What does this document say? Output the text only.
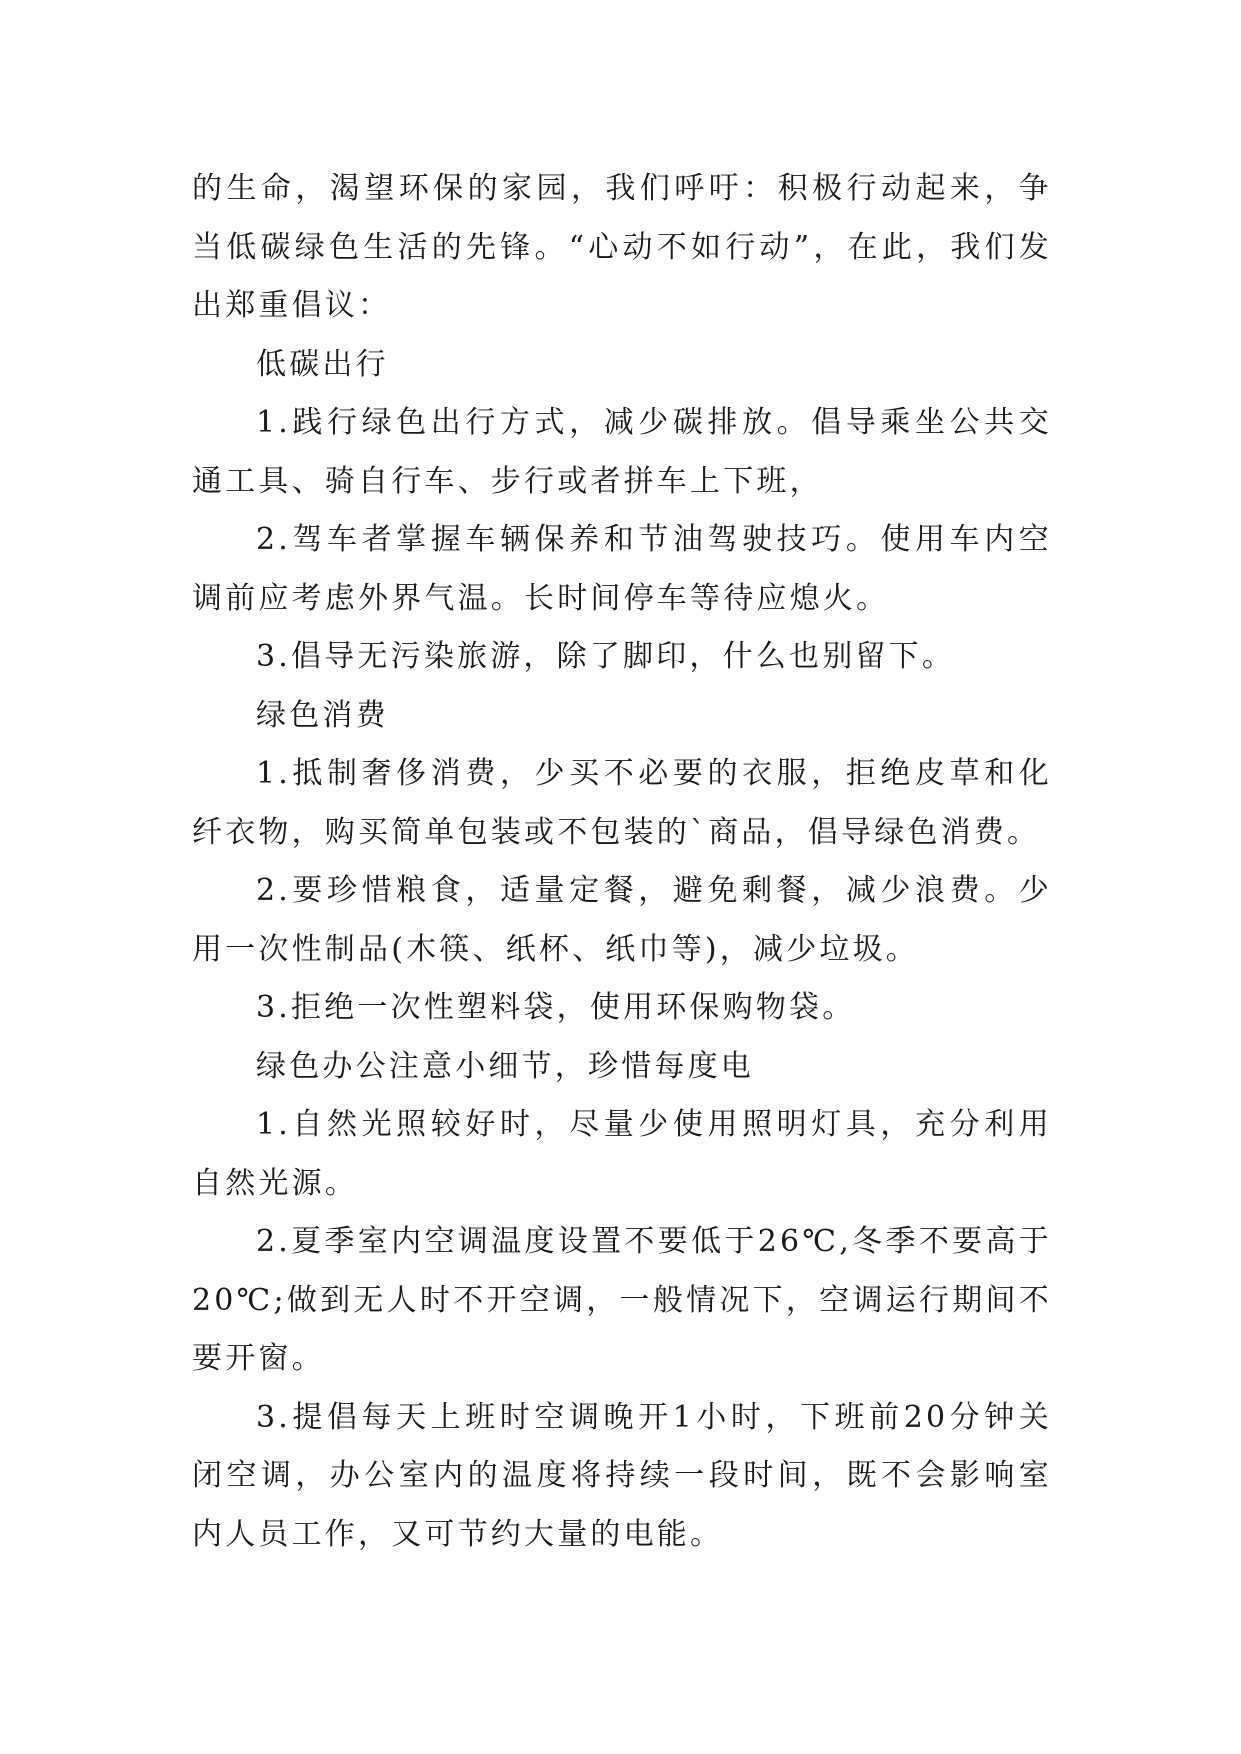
的生命，渴望环保的家园，我们呼吁：积极行动起来，争当低碳绿色生活的先锋。“心动不如行动”，在此，我们发出郑重倡议：

低碳出行

1.践行绿色出行方式，减少碳排放。倡导乘坐公共交通工具、骑自行车、步行或者拼车上下班，

2.驾车者掌握车辆保养和节油驾驶技巧。使用车内空调前应考虑外界气温。长时间停车等待应熄火。

3.倡导无污染旅游，除了脚印，什么也别留下。

绿色消费

1.抵制奢侈消费，少买不必要的衣服，拒绝皮草和化纤衣物，购买简单包装或不包装的`商品，倡导绿色消费。

2.要珍惜粮食，适量定餐，避免剩餐，减少浪费。少用一次性制品(木筷、纸杯、纸巾等)，减少垃圾。

3.拒绝一次性塑料袋，使用环保购物袋。

绿色办公注意小细节，珍惜每度电

1.自然光照较好时，尽量少使用照明灯具，充分利用自然光源。

2.夏季室内空调温度设置不要低于26℃,冬季不要高于20℃;做到无人时不开空调，一般情况下，空调运行期间不要开窗。

3.提倡每天上班时空调晚开1小时，下班前20分钟关闭空调，办公室内的温度将持续一段时间，既不会影响室内人员工作，又可节约大量的电能。
